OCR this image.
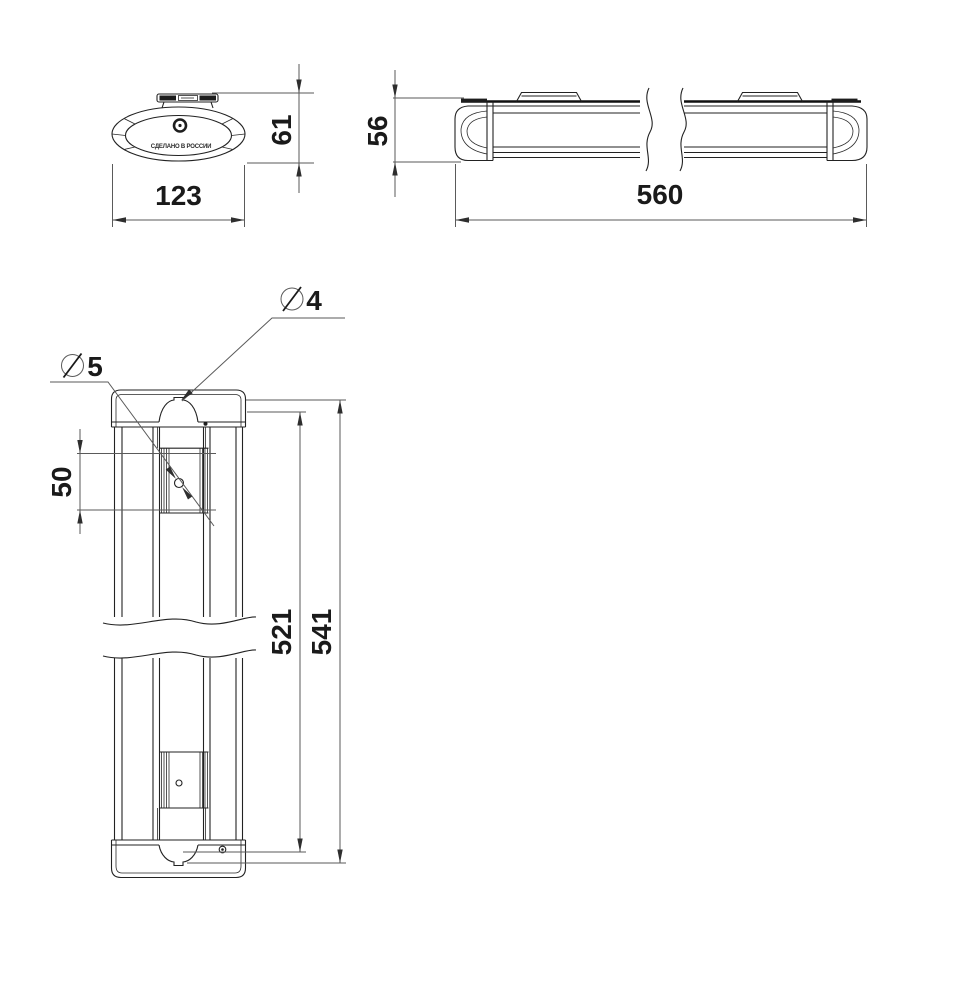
СДЕЛАНО В РОССИИ
123
61 56
560
50
521 541
4
5
